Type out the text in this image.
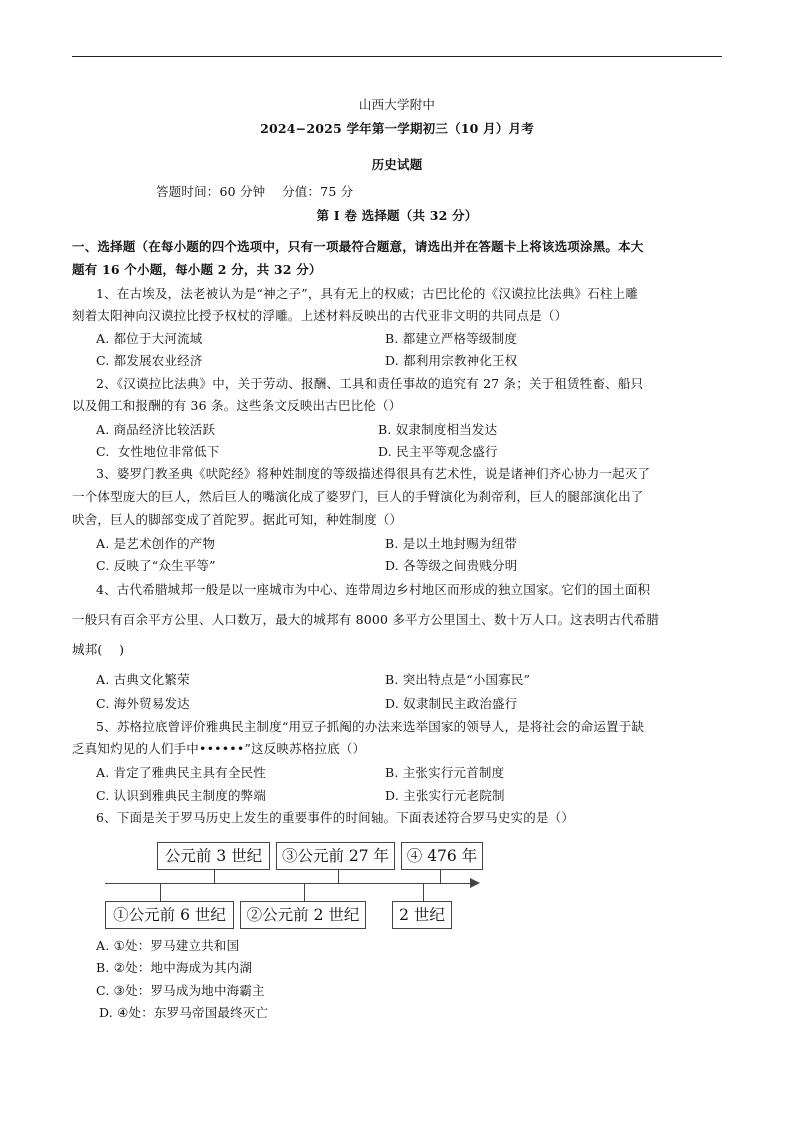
山西大学附中
2024−2025 学年第一学期初三（10 月）月考
历史试题
答题时间：60 分钟    分值：75 分
第 I 卷 选择题（共 32 分）
一、选择题（在每小题的四个选项中，只有一项最符合题意，请选出并在答题卡上将该选项涂黑。本大
题有 16 个小题，每小题 2 分，共 32 分）
1、在古埃及，法老被认为是“神之子”，具有无上的权威；古巴比伦的《汉谟拉比法典》石柱上雕
刻着太阳神向汉谟拉比授予权杖的浮雕。上述材料反映出的古代亚非文明的共同点是（）
A. 都位于大河流域	B. 都建立严格等级制度
C. 都发展农业经济	D. 都利用宗教神化王权
2、《汉谟拉比法典》中，关于劳动、报酬、工具和责任事故的追究有 27 条；关于租赁牲畜、船只
以及佣工和报酬的有 36 条。这些条文反映出古巴比伦（）
A. 商品经济比较活跃	B. 奴隶制度相当发达
C.  女性地位非常低下	D. 民主平等观念盛行
3、婆罗门教圣典《吠陀经》将种姓制度的等级描述得很具有艺术性，说是诸神们齐心协力一起灭了
一个体型庞大的巨人，然后巨人的嘴演化成了婆罗门，巨人的手臂演化为刹帝利，巨人的腿部演化出了
吠舍，巨人的脚部变成了首陀罗。据此可知，种姓制度（）
A. 是艺术创作的产物	B. 是以土地封赐为纽带
C. 反映了“众生平等”	D. 各等级之间贵贱分明
4、古代希腊城邦一般是以一座城市为中心、连带周边乡村地区而形成的独立国家。它们的国土面积
一般只有百余平方公里、人口数万，最大的城邦有 8000 多平方公里国土、数十万人口。这表明古代希腊
城邦(    )
A. 古典文化繁荣	B. 突出特点是“小国寡民”
C. 海外贸易发达	D. 奴隶制民主政治盛行
5、苏格拉底曾评价雅典民主制度“用豆子抓阄的办法来选举国家的领导人，是将社会的命运置于缺
乏真知灼见的人们手中••••••”这反映苏格拉底（）
A. 肯定了雅典民主具有全民性	B. 主张实行元首制度
C. 认识到雅典民主制度的弊端	D. 主张实行元老院制
6、下面是关于罗马历史上发生的重要事件的时间轴。下面表述符合罗马史实的是（）
公元前 3 世纪	③公元前 27 年	④ 476 年
①公元前 6 世纪	②公元前 2 世纪	2 世纪
A. ①处：罗马建立共和国
B. ②处：地中海成为其内湖
C. ③处：罗马成为地中海霸主
D. ④处：东罗马帝国最终灭亡
